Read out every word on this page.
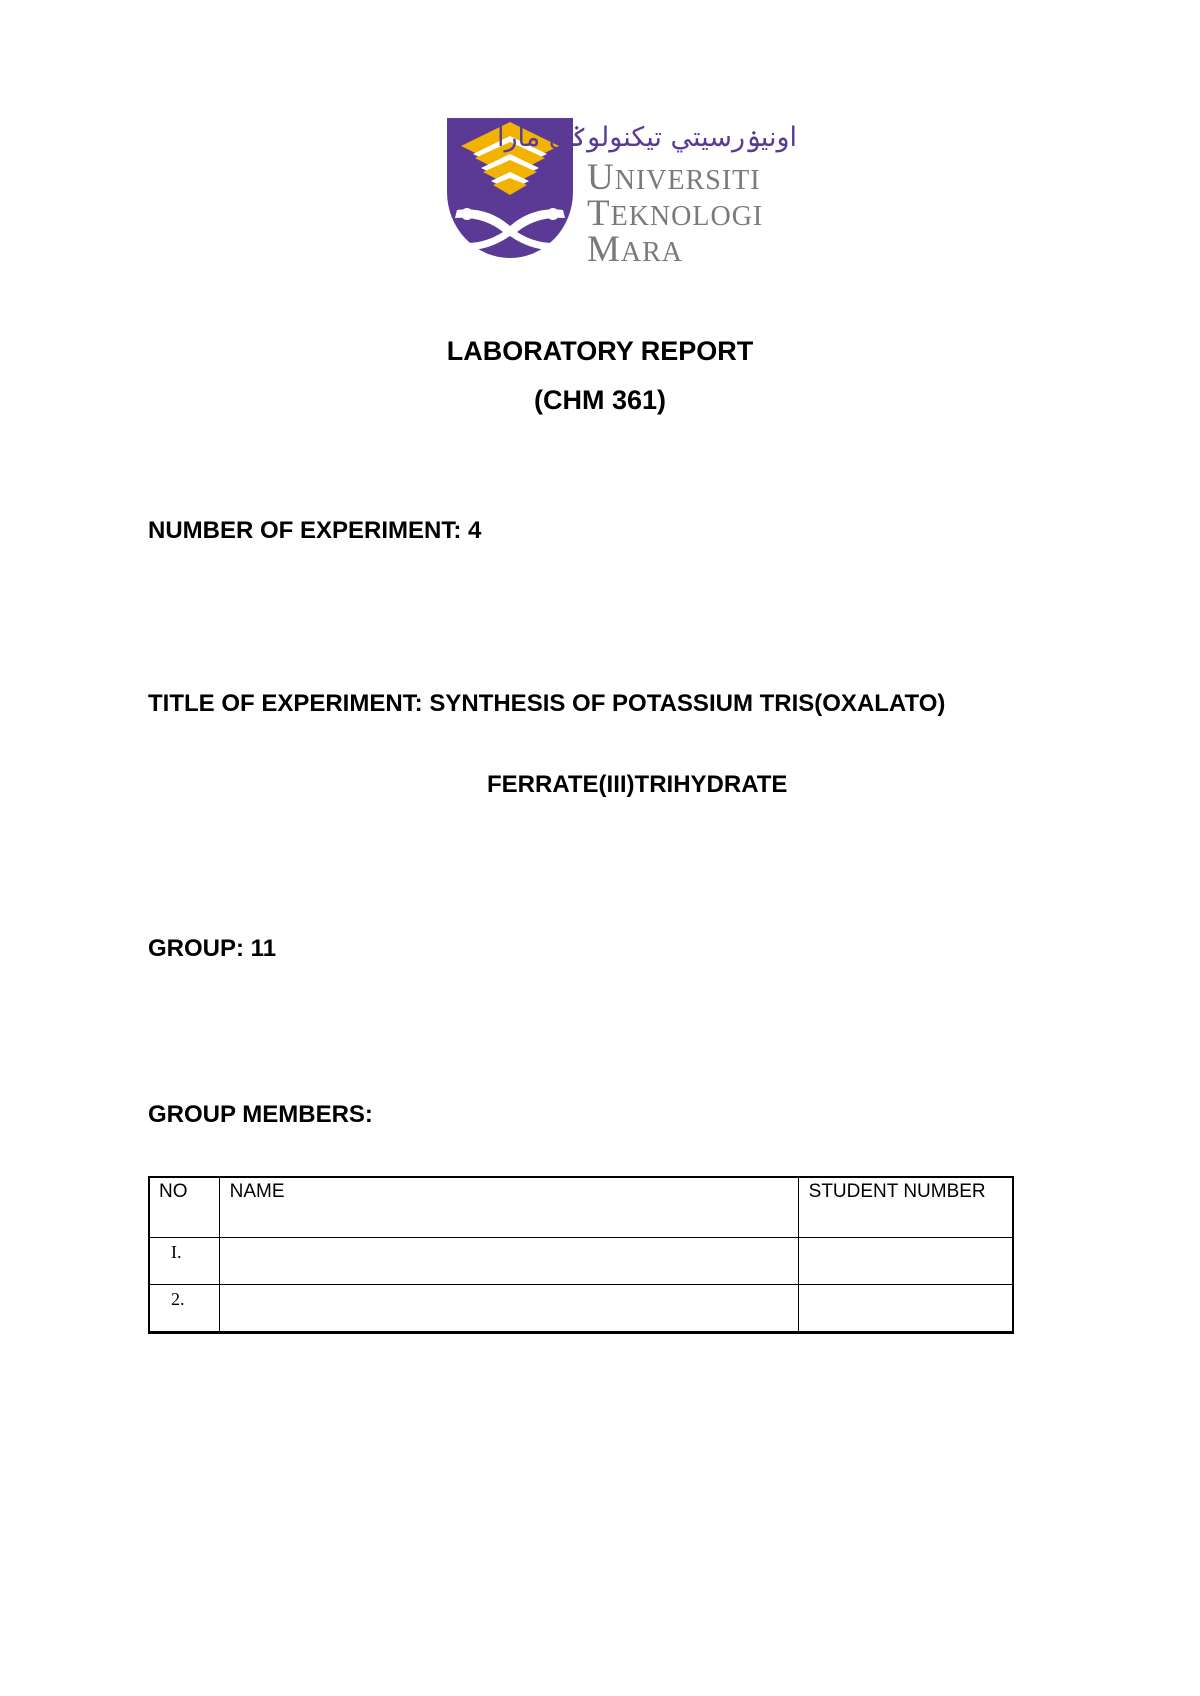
اونيۏرسيتي تيكنولوݢي مارا
UNIVERSITI
TEKNOLOGI
MARA
LABORATORY REPORT
(CHM 361)
NUMBER OF EXPERIMENT: 4
TITLE OF EXPERIMENT: SYNTHESIS OF POTASSIUM TRIS(OXALATO)
FERRATE(III)TRIHYDRATE
GROUP: 11
GROUP MEMBERS:
NO	NAME	STUDENT NUMBER
I.		
2.		
